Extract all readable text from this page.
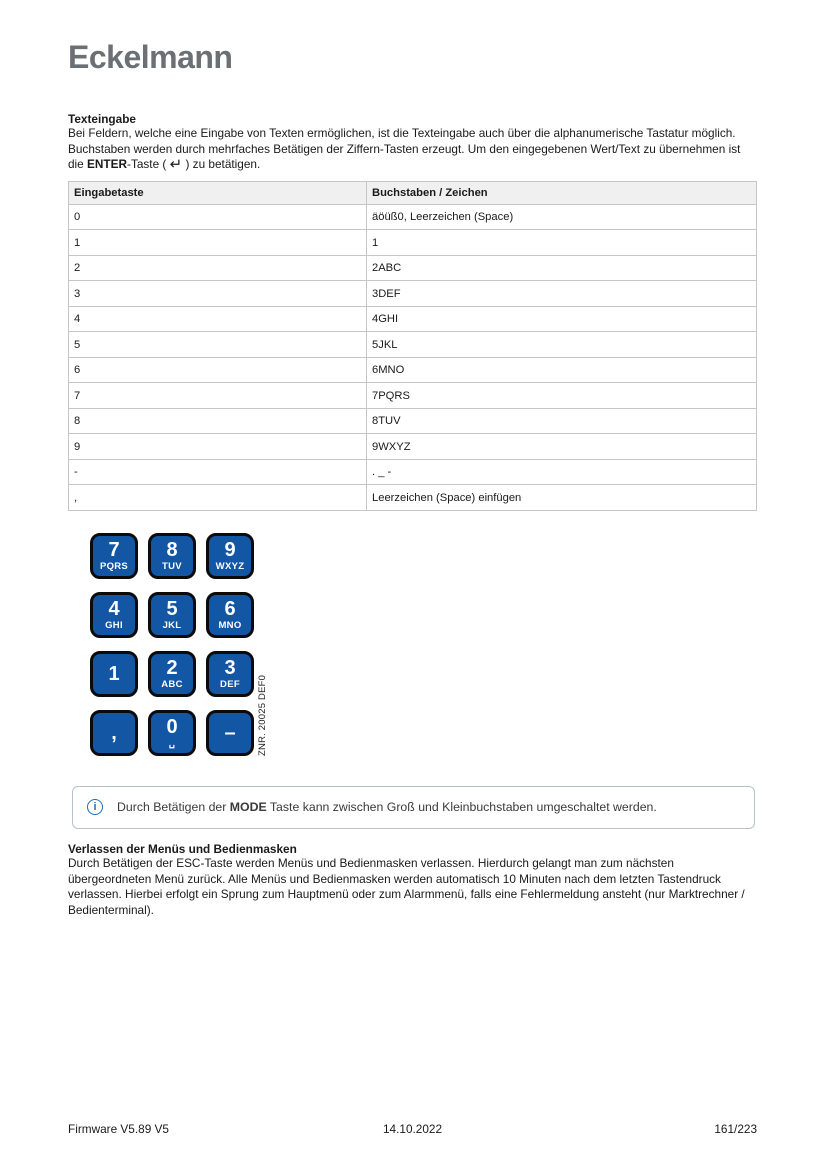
Eckelmann
Texteingabe

Bei Feldern, welche eine Eingabe von Texten ermöglichen, ist die Texteingabe auch über die alphanumerische Tastatur möglich. Buchstaben werden durch mehrfaches Betätigen der Ziffern-Tasten erzeugt. Um den eingegebenen Wert/Text zu übernehmen ist die ENTER-Taste ( ↵ ) zu betätigen.

Eingabetaste	Buchstaben / Zeichen
0	äöüß0, Leerzeichen (Space)
1	1
2	2ABC
3	3DEF
4	4GHI
5	5JKL
6	6MNO
7	7PQRS
8	8TUV
9	9WXYZ
-	. _ -
,	Leerzeichen (Space) einfügen
7
PQRS
8
TUV
9
WXYZ
4
GHI
5
JKL
6
MNO
1 2
ABC
3
DEF
, 0
␣ – ZNR. 20025 DEF0
i Durch Betätigen der MODE Taste kann zwischen Groß und Kleinbuchstaben umgeschaltet werden.
Verlassen der Menüs und Bedienmasken

Durch Betätigen der ESC-Taste werden Menüs und Bedienmasken verlassen. Hierdurch gelangt man zum nächsten übergeordneten Menü zurück. Alle Menüs und Bedienmasken werden automatisch 10 Minuten nach dem letzten Tastendruck verlassen. Hierbei erfolgt ein Sprung zum Hauptmenü oder zum Alarmmenü, falls eine Fehlermeldung ansteht (nur Marktrechner / Bedienterminal).

Firmware V5.89 V5	14.10.2022	161/223
